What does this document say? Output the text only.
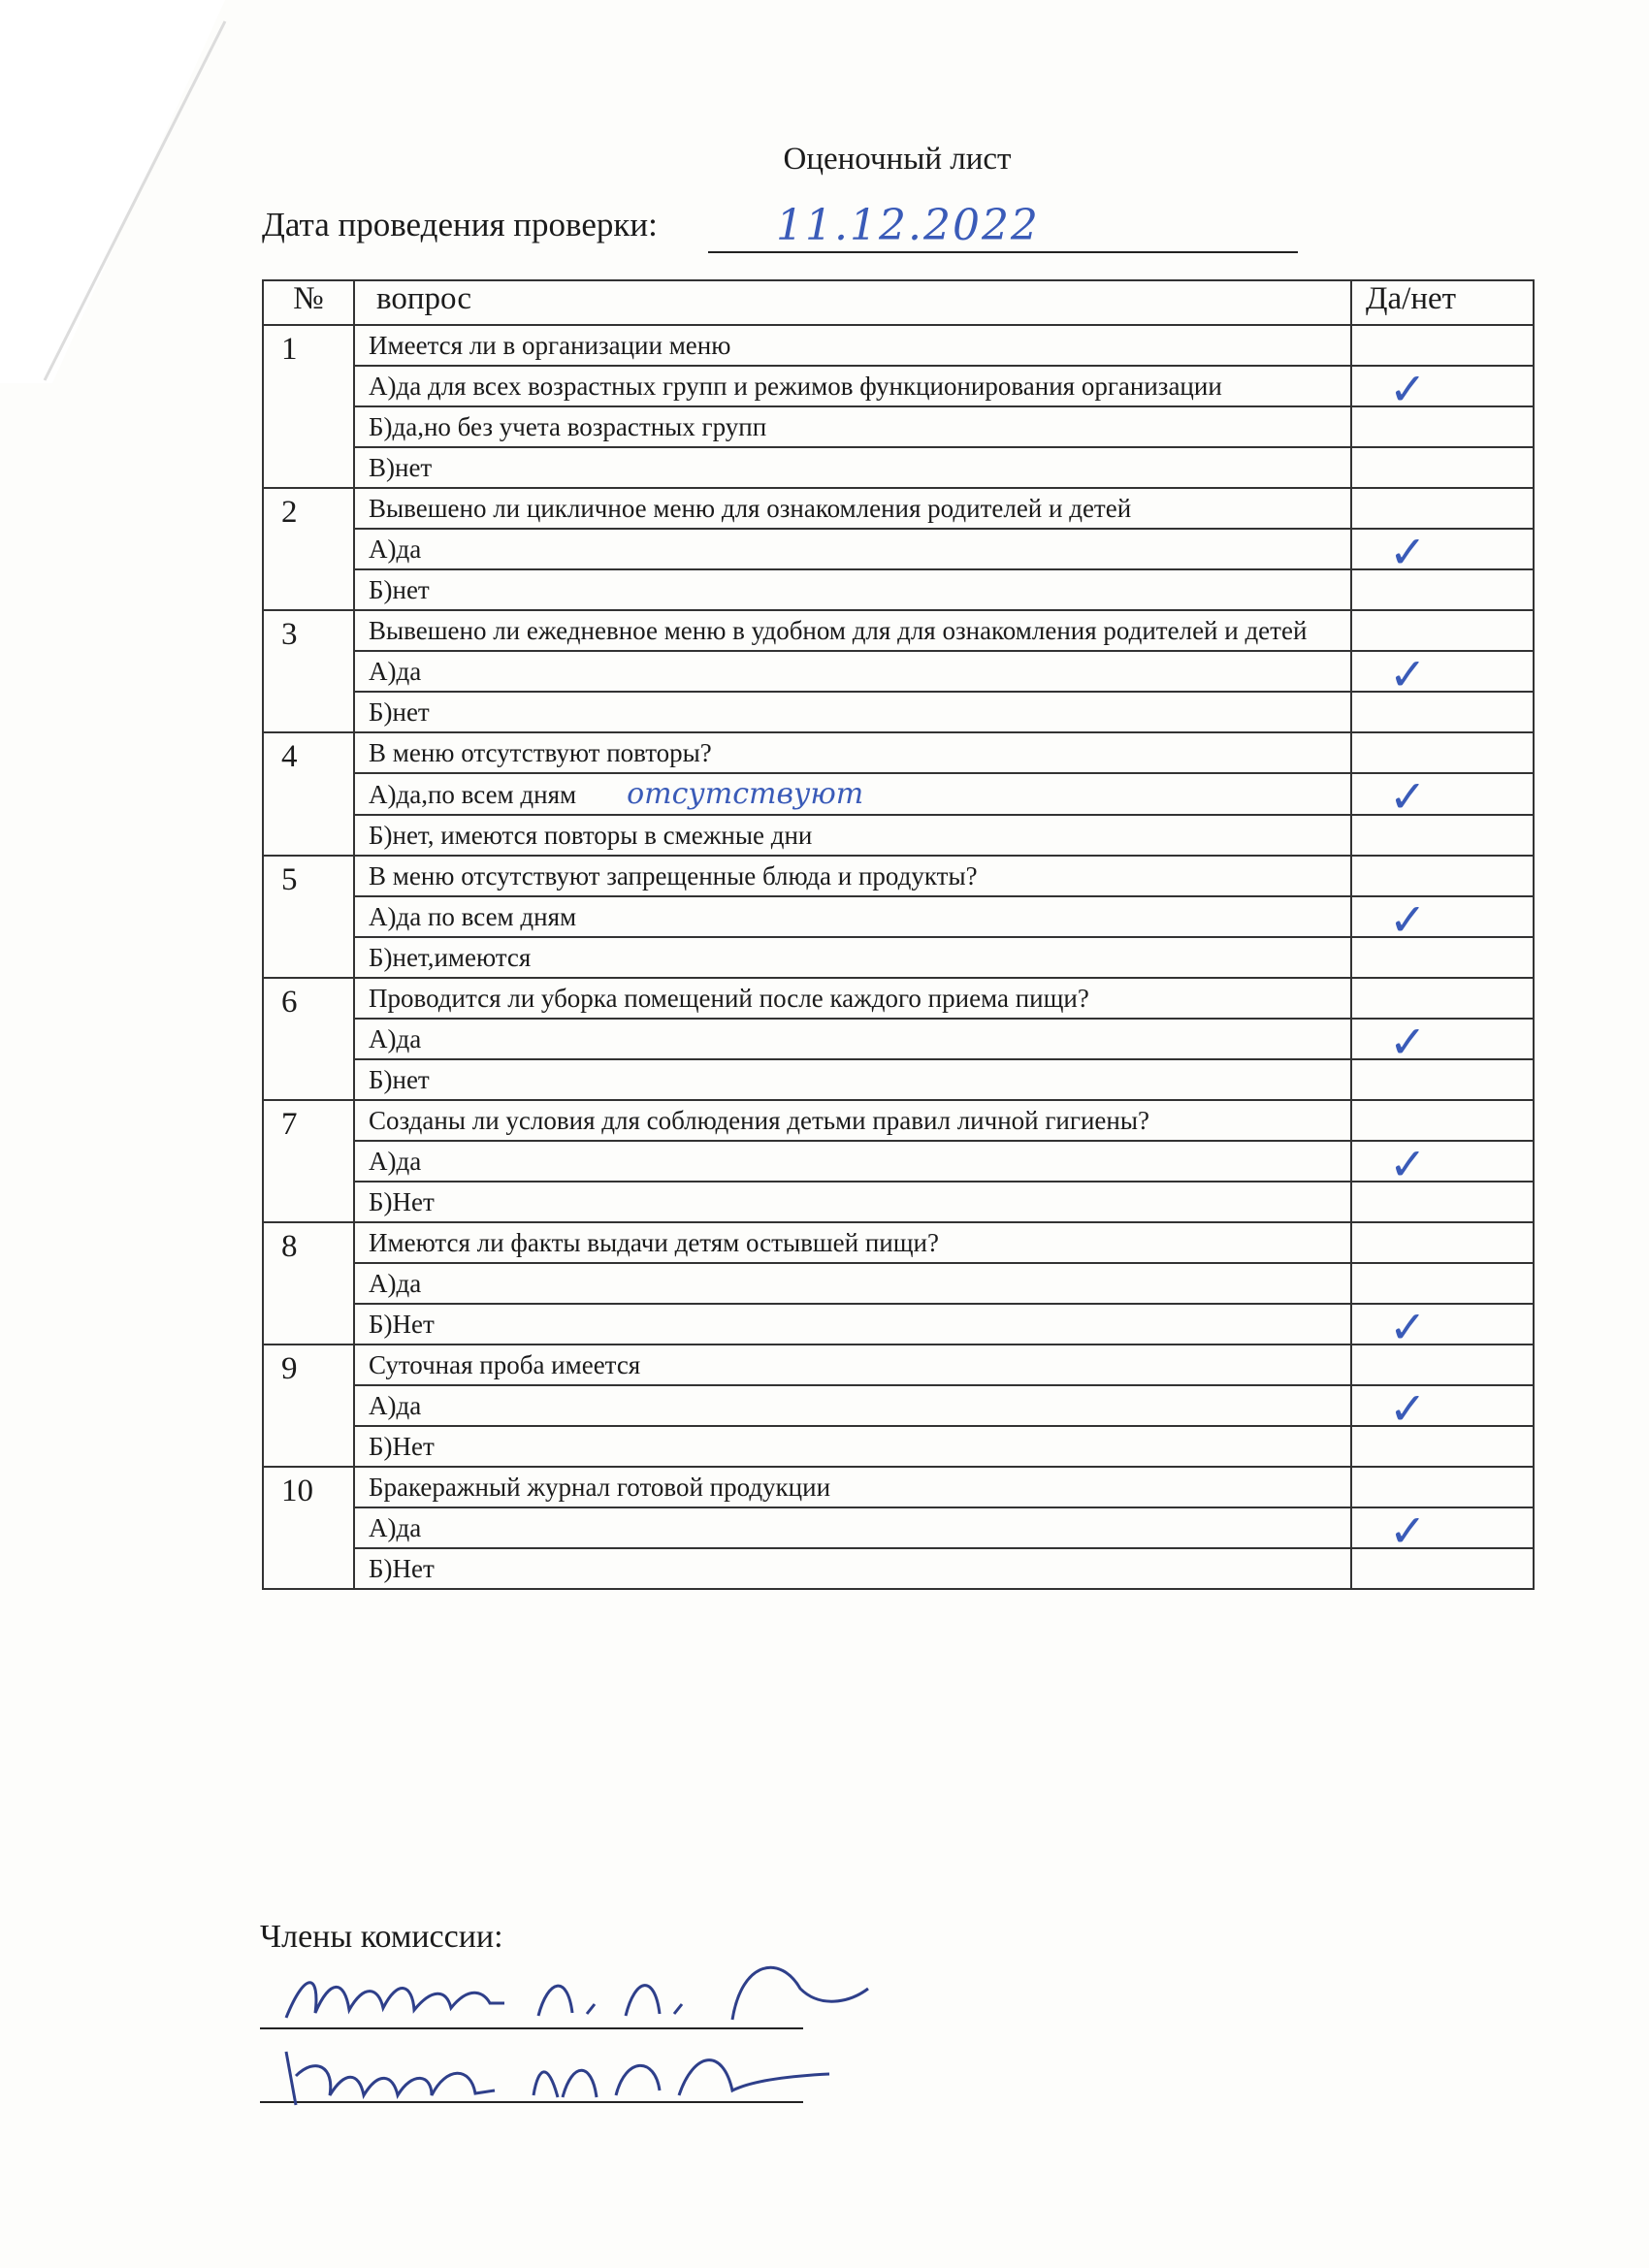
Оценочный лист
Дата проведения проверки:	11.12.2022
№	вопрос	Да/нет
1	Имеется ли в организации меню	
	А)да для всех возрастных групп и режимов функционирования организации	✓

	Б)да,но без учета возрастных групп	
	В)нет	
2	Вывешено ли цикличное меню для ознакомления родителей и детей	
	А)да	✓

	Б)нет	
3	Вывешено ли ежедневное меню в удобном для для ознакомления родителей и детей	
	А)да	✓

	Б)нет	
4	В меню отсутствуют повторы?	
	А)да,по всем дням отсутствуют	✓

	Б)нет, имеются повторы в смежные дни	
5	В меню отсутствуют запрещенные блюда и продукты?	
	А)да по всем дням	✓

	Б)нет,имеются	
6	Проводится ли уборка помещений после каждого приема пищи?	
	А)да	✓

	Б)нет	
7	Созданы ли условия для соблюдения детьми правил личной гигиены?	
	А)да	✓

	Б)Нет	
8	Имеются ли факты выдачи детям остывшей пищи?	
	А)да	
	Б)Нет	✓

9	Суточная проба имеется	
	А)да	✓

	Б)Нет	
10	Бракеражный журнал готовой продукции	
	А)да	✓

	Б)Нет	
Члены комиссии:
